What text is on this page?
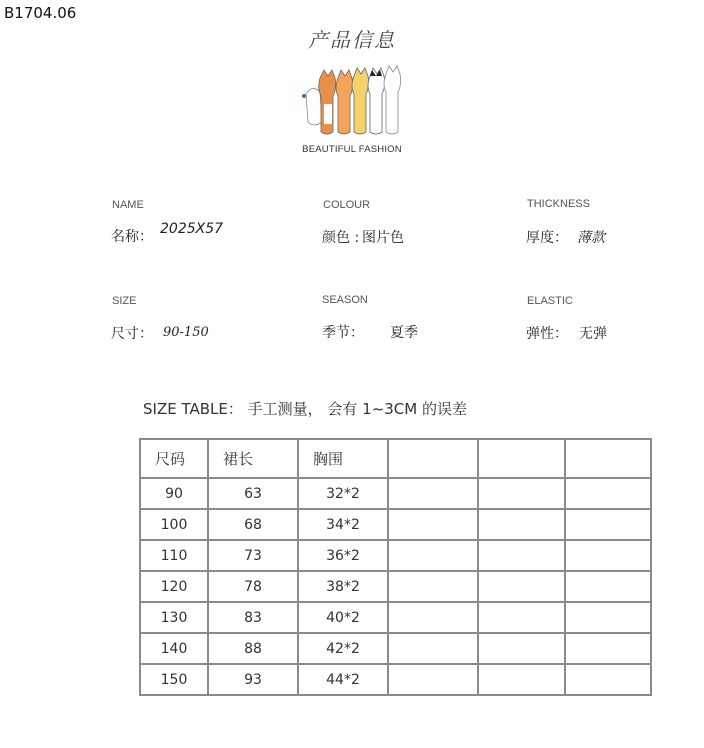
B1704.06
产品信息
BEAUTIFUL FASHION
NAME
名称： 2025X57
COLOUR
颜色 : 图片色
THICKNESS
厚度： 薄款
SIZE
尺寸： 90-150
SEASON
季节： 夏季
ELASTIC
弹性： 无弹
SIZE TABLE： 手工测量， 会有 1~3CM 的误差
尺码	裙长	胸围			
90	63	32*2			
100	68	34*2			
110	73	36*2			
120	78	38*2			
130	83	40*2			
140	88	42*2			
150	93	44*2			
